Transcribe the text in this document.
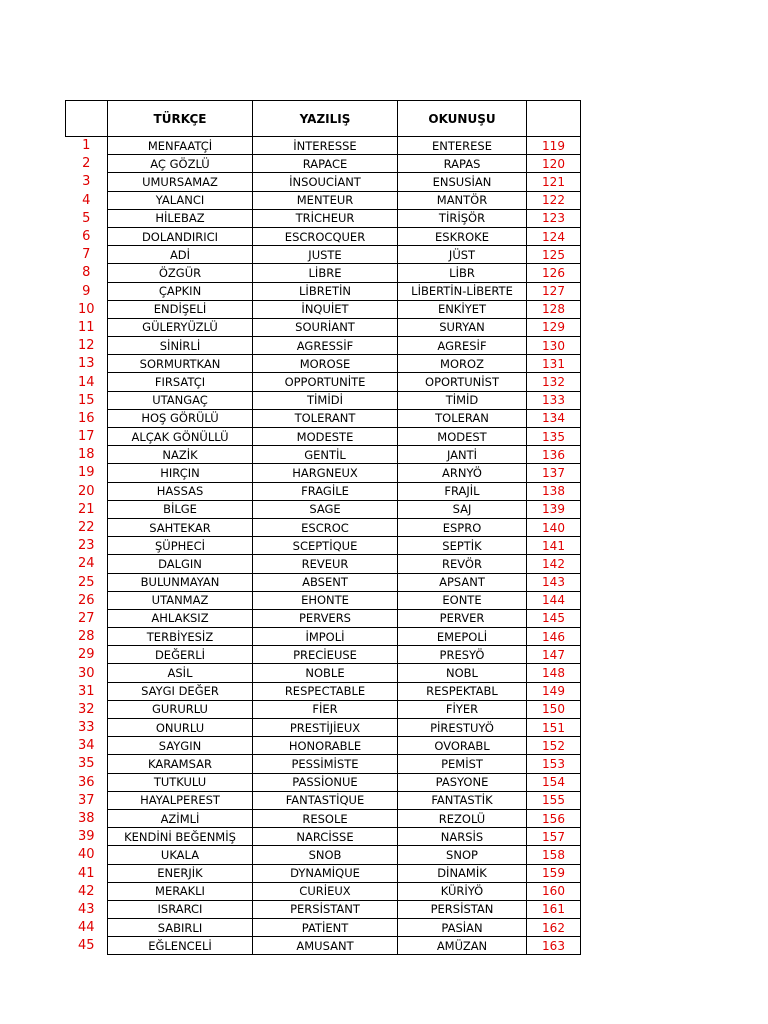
	TÜRKÇE	YAZILIŞ	OKUNUŞU	
1	MENFAATÇİ	İNTERESSE	ENTERESE	119
2	AÇ GÖZLÜ	RAPACE	RAPAS	120
3	UMURSAMAZ	İNSOUCİANT	ENSUSİAN	121
4	YALANCI	MENTEUR	MANTÖR	122
5	HİLEBAZ	TRİCHEUR	TİRİŞÖR	123
6	DOLANDIRICI	ESCROCQUER	ESKROKE	124
7	ADİ	JUSTE	JÜST	125
8	ÖZGÜR	LİBRE	LİBR	126
9	ÇAPKIN	LİBRETİN	LİBERTİN-LİBERTE	127
10	ENDİŞELİ	İNQUİET	ENKİYET	128
11	GÜLERYÜZLÜ	SOURİANT	SURYAN	129
12	SİNİRLİ	AGRESSİF	AGRESİF	130
13	SORMURTKAN	MOROSE	MOROZ	131
14	FIRSATÇI	OPPORTUNİTE	OPORTUNİST	132
15	UTANGAÇ	TİMİDİ	TİMİD	133
16	HOŞ GÖRÜLÜ	TOLERANT	TOLERAN	134
17	ALÇAK GÖNÜLLÜ	MODESTE	MODEST	135
18	NAZİK	GENTİL	JANTİ	136
19	HIRÇIN	HARGNEUX	ARNYÖ	137
20	HASSAS	FRAGİLE	FRAJİL	138
21	BİLGE	SAGE	SAJ	139
22	SAHTEKAR	ESCROC	ESPRO	140
23	ŞÜPHECİ	SCEPTİQUE	SEPTİK	141
24	DALGIN	REVEUR	REVÖR	142
25	BULUNMAYAN	ABSENT	APSANT	143
26	UTANMAZ	EHONTE	EONTE	144
27	AHLAKSIZ	PERVERS	PERVER	145
28	TERBİYESİZ	İMPOLİ	EMEPOLİ	146
29	DEĞERLİ	PRECİEUSE	PRESYÖ	147
30	ASİL	NOBLE	NOBL	148
31	SAYGI DEĞER	RESPECTABLE	RESPEKTABL	149
32	GURURLU	FİER	FİYER	150
33	ONURLU	PRESTİJİEUX	PİRESTUYÖ	151
34	SAYGIN	HONORABLE	OVORABL	152
35	KARAMSAR	PESSİMİSTE	PEMİST	153
36	TUTKULU	PASSİONUE	PASYONE	154
37	HAYALPEREST	FANTASTİQUE	FANTASTİK	155
38	AZİMLİ	RESOLE	REZOLÜ	156
39	KENDİNİ BEĞENMİŞ	NARCİSSE	NARSİS	157
40	UKALA	SNOB	SNOP	158
41	ENERJİK	DYNAMİQUE	DİNAMİK	159
42	MERAKLI	CURİEUX	KÜRİYÖ	160
43	ISRARCI	PERSİSTANT	PERSİSTAN	161
44	SABIRLI	PATİENT	PASİAN	162
45	EĞLENCELİ	AMUSANT	AMÜZAN	163
